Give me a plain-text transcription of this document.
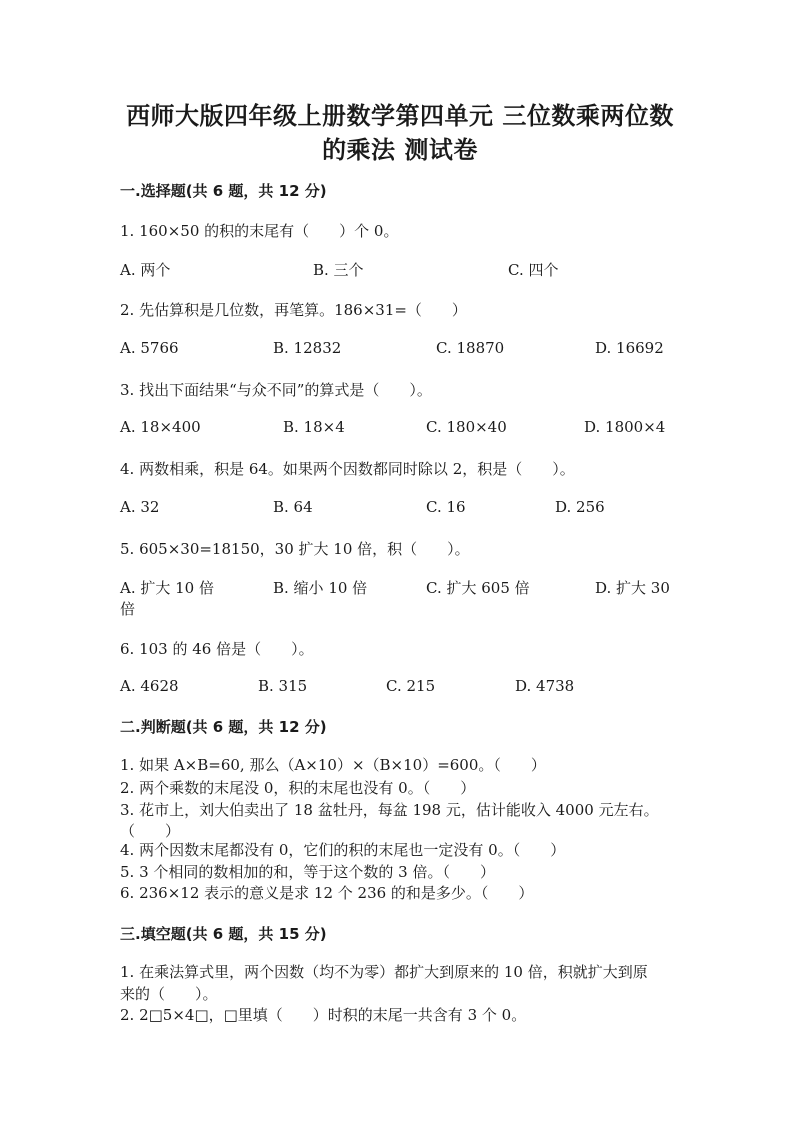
西师大版四年级上册数学第四单元 三位数乘两位数
的乘法 测试卷
一.选择题(共 6 题，共 12 分)
1. 160×50 的积的末尾有（　　）个 0。
A. 两个	B. 三个	C. 四个
2. 先估算积是几位数，再笔算。186×31=（　　）
A. 5766	B. 12832	C. 18870	D. 16692
3. 找出下面结果“与众不同”的算式是（　　）。
A. 18×400	B. 18×4	C. 180×40	D. 1800×4
4. 两数相乘，积是 64。如果两个因数都同时除以 2，积是（　　）。
A. 32	B. 64	C. 16	D. 256
5. 605×30=18150，30 扩大 10 倍，积（　　）。
A. 扩大 10 倍	B. 缩小 10 倍	C. 扩大 605 倍	D. 扩大 30
倍
6. 103 的 46 倍是（　　）。
A. 4628	B. 315	C. 215	D. 4738
二.判断题(共 6 题，共 12 分)
1. 如果 A×B=60, 那么（A×10）×（B×10）=600。（　　）
2. 两个乘数的末尾没 0，积的末尾也没有 0。（　　）
3. 花市上，刘大伯卖出了 18 盆牡丹，每盆 198 元，估计能收入 4000 元左右。
（　　）
4. 两个因数末尾都没有 0，它们的积的末尾也一定没有 0。（　　）
5. 3 个相同的数相加的和，等于这个数的 3 倍。（　　）
6. 236×12 表示的意义是求 12 个 236 的和是多少。（　　）
三.填空题(共 6 题，共 15 分)
1. 在乘法算式里，两个因数（均不为零）都扩大到原来的 10 倍，积就扩大到原
来的（　　）。
2. 2□5×4□，□里填（　　）时积的末尾一共含有 3 个 0。
